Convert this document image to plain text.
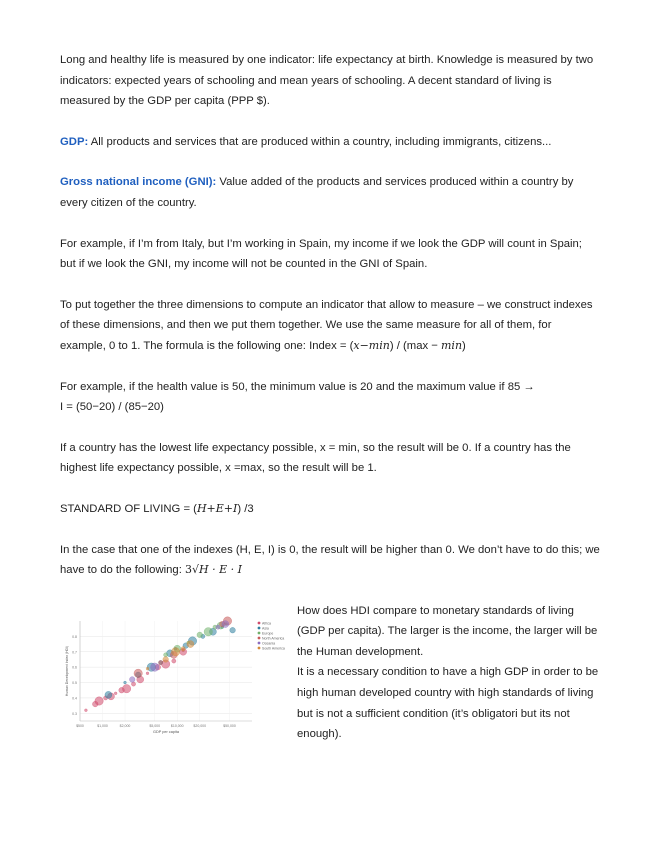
Long and healthy life is measured by one indicator: life expectancy at birth. Knowledge is measured by two indicators: expected years of schooling and mean years of schooling. A decent standard of living is measured by the GDP per capita (PPP $).

GDP: All products and services that are produced within a country, including immigrants, citizens...

Gross national income (GNI): Value added of the products and services produced within a country by every citizen of the country.

For example, if I’m from Italy, but I’m working in Spain, my income if we look the GDP will count in Spain; but if we look the GNI, my income will not be counted in the GNI of Spain.

To put together the three dimensions to compute an indicator that allow to measure – we construct indexes of these dimensions, and then we put them together. We use the same measure for all of them, for example, 0 to 1. The formula is the following one: Index = (x−min) / (max − min)

For example, if the health value is 50, the minimum value is 20 and the maximum value if 85 →
I = (50−20) / (85−20)

If a country has the lowest life expectancy possible, x = min, so the result will be 0. If a country has the highest life expectancy possible, x =max, so the result will be 1.

STANDARD OF LIVING = (H+E+I) /3

In the case that one of the indexes (H, E, I) is 0, the result will be higher than 0. We don’t have to do this; we have to do the following: 3√H · E · I

0.3
0.4
0.5
0.6
0.7
0.8
$500	$1,000	$2,000	$5,000	$10,000	$20,000	$50,000
GDP per capita
Human Development Index (HDI)
Africa
Asia
Europe
North America
Oceania
South America

How does HDI compare to monetary standards of living (GDP per capita). The larger is the income, the larger will be the Human development.

It is a necessary condition to have a high GDP in order to be high human developed country with high standards of living but is not a sufficient condition (it’s obligatori but its not enough).
